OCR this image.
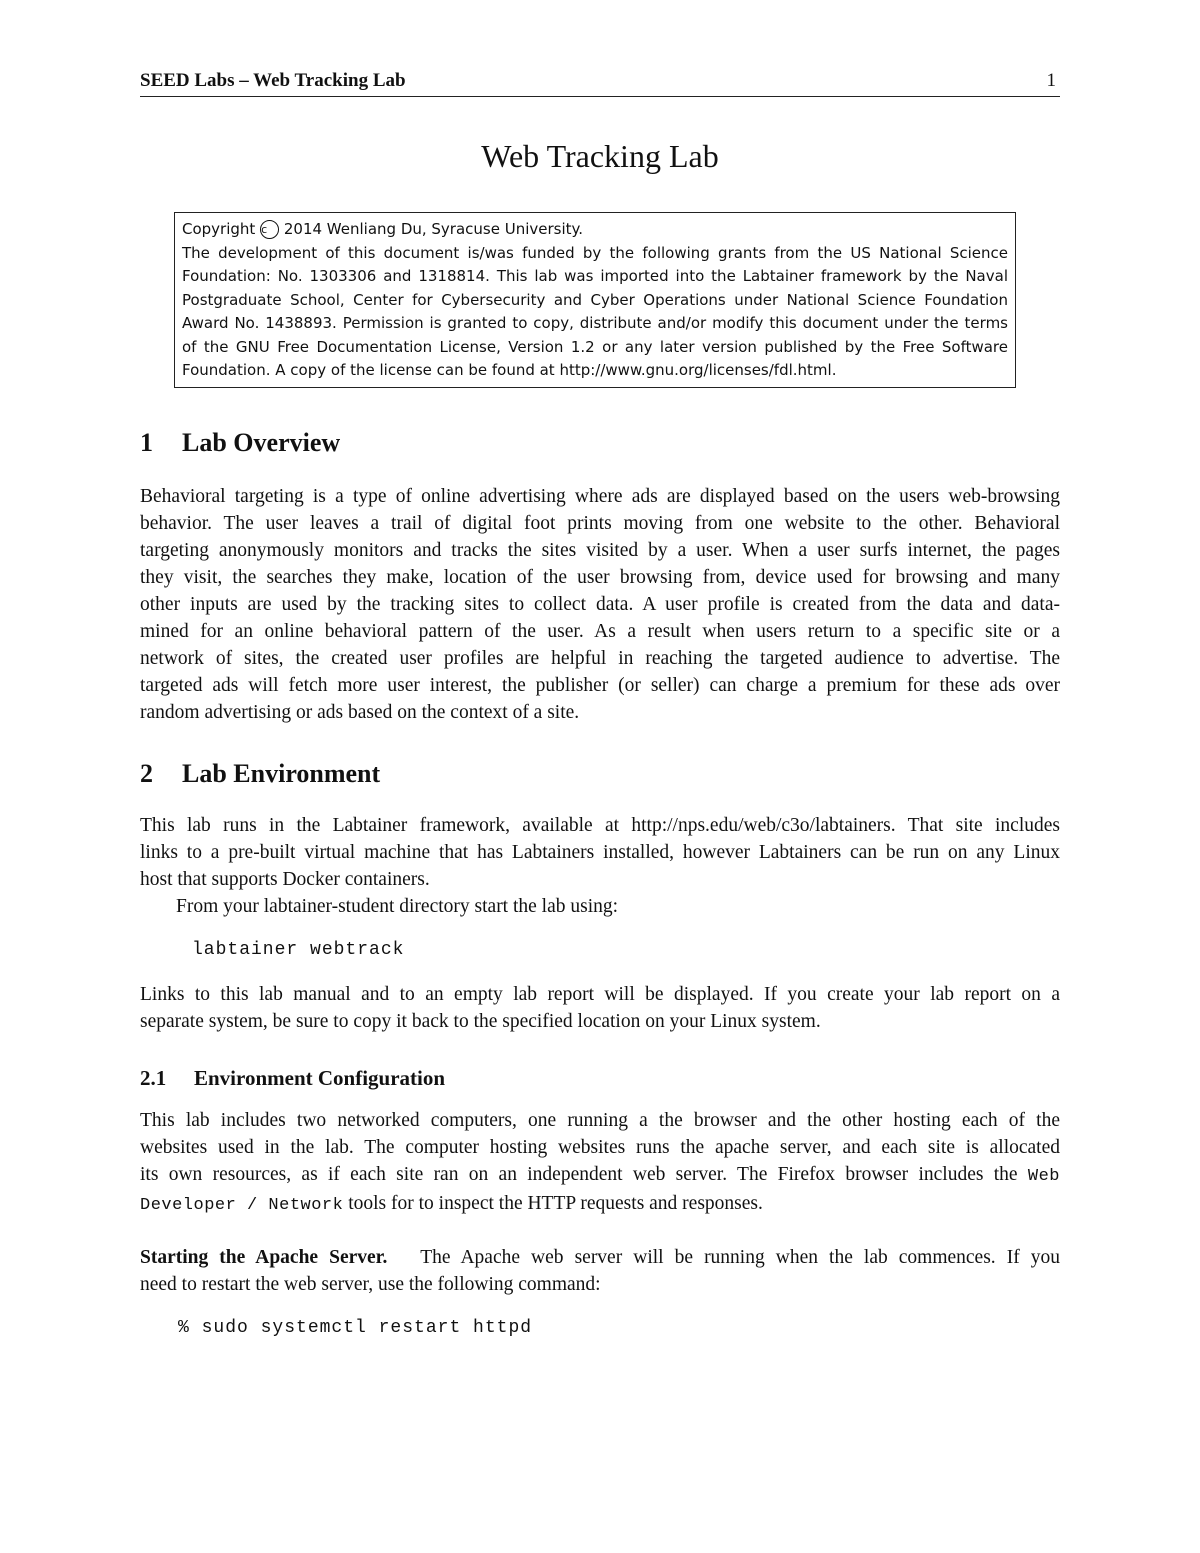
SEED Labs – Web Tracking Lab	1
Web Tracking Lab
Copyright c 2014 Wenliang Du, Syracuse University.
The development of this document is/was funded by the following grants from the US National Science
Foundation: No. 1303306 and 1318814. This lab was imported into the Labtainer framework by the Naval
Postgraduate School, Center for Cybersecurity and Cyber Operations under National Science Foundation
Award No. 1438893. Permission is granted to copy, distribute and/or modify this document under the terms
of the GNU Free Documentation License, Version 1.2 or any later version published by the Free Software
Foundation. A copy of the license can be found at http://www.gnu.org/licenses/fdl.html.
1 Lab Overview
Behavioral targeting is a type of online advertising where ads are displayed based on the users web-browsing
behavior. The user leaves a trail of digital foot prints moving from one website to the other. Behavioral
targeting anonymously monitors and tracks the sites visited by a user. When a user surfs internet, the pages
they visit, the searches they make, location of the user browsing from, device used for browsing and many
other inputs are used by the tracking sites to collect data. A user profile is created from the data and data-
mined for an online behavioral pattern of the user. As a result when users return to a specific site or a
network of sites, the created user profiles are helpful in reaching the targeted audience to advertise. The
targeted ads will fetch more user interest, the publisher (or seller) can charge a premium for these ads over
random advertising or ads based on the context of a site.
2 Lab Environment
This lab runs in the Labtainer framework, available at http://nps.edu/web/c3o/labtainers. That site includes
links to a pre-built virtual machine that has Labtainers installed, however Labtainers can be run on any Linux
host that supports Docker containers.
From your labtainer-student directory start the lab using:
labtainer webtrack
Links to this lab manual and to an empty lab report will be displayed. If you create your lab report on a
separate system, be sure to copy it back to the specified location on your Linux system.
2.1 Environment Configuration
This lab includes two networked computers, one running a the browser and the other hosting each of the
websites used in the lab. The computer hosting websites runs the apache server, and each site is allocated
its own resources, as if each site ran on an independent web server. The Firefox browser includes the Web
Developer / Network tools for to inspect the HTTP requests and responses.
Starting the Apache Server. The Apache web server will be running when the lab commences. If you
need to restart the web server, use the following command:
% sudo systemctl restart httpd
